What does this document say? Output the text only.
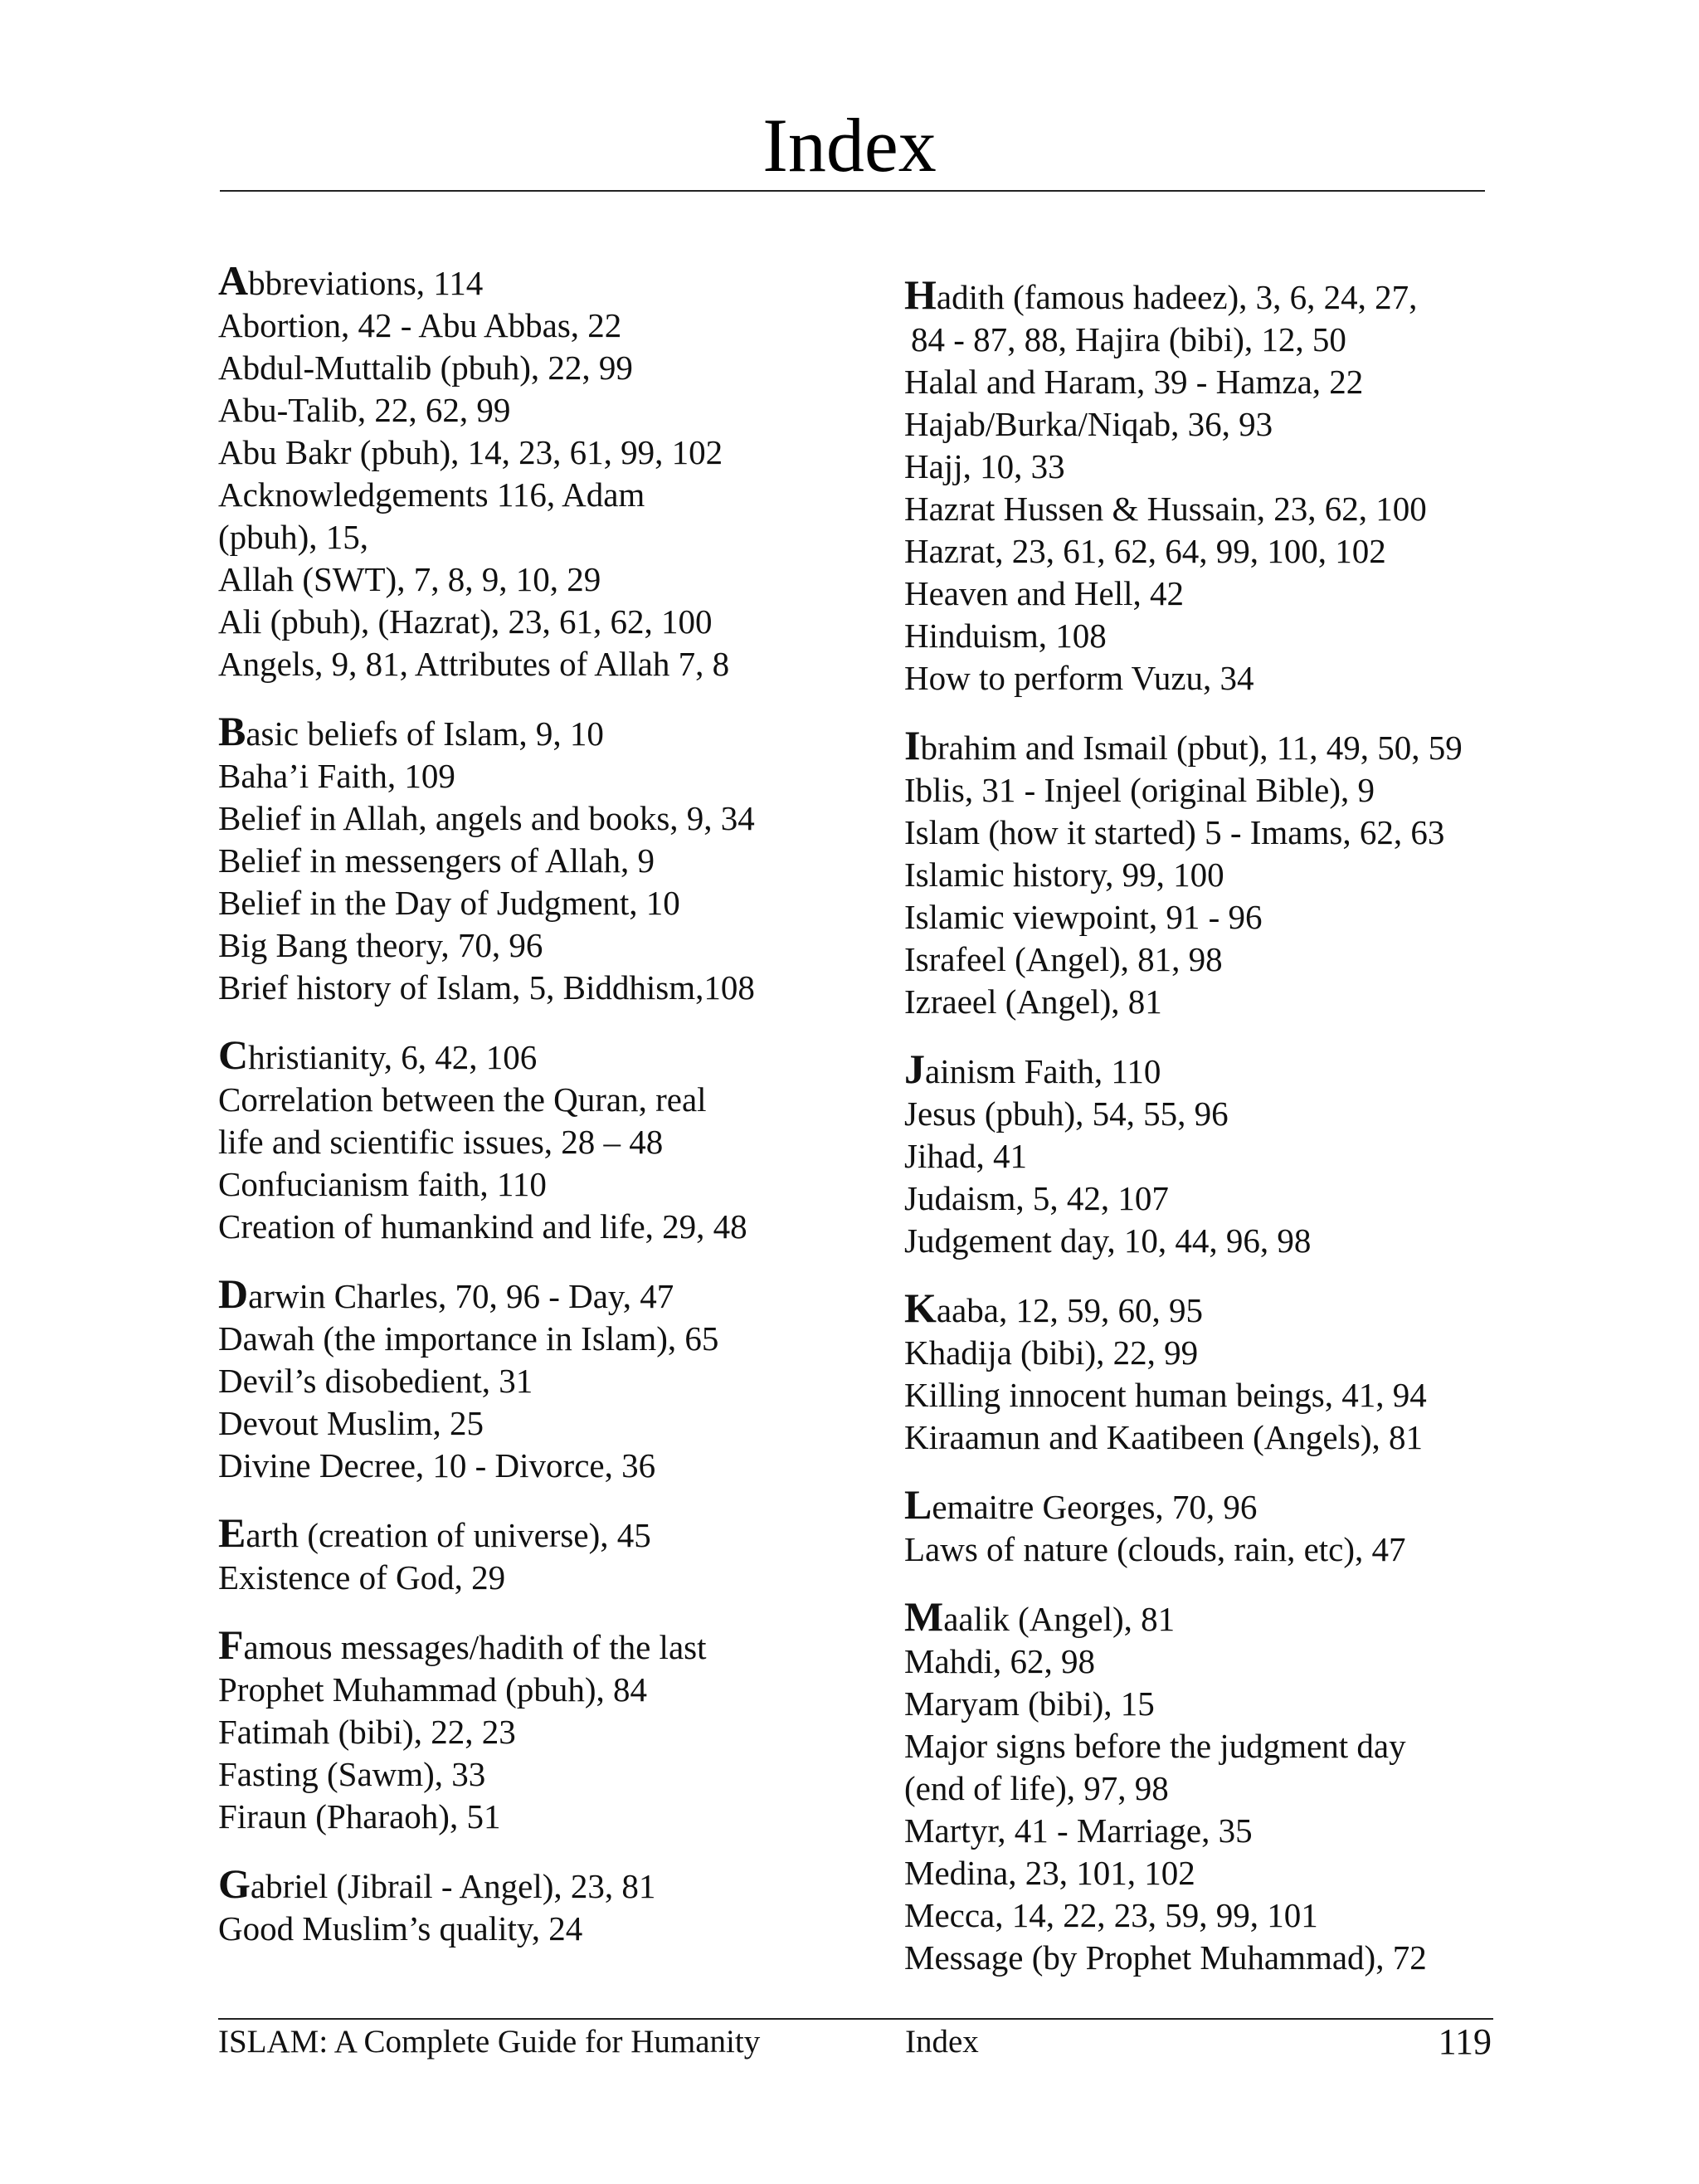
Index
Abbreviations, 114
Abortion, 42 - Abu Abbas, 22
Abdul-Muttalib (pbuh), 22, 99
Abu-Talib, 22, 62, 99
Abu Bakr (pbuh), 14, 23, 61, 99, 102
Acknowledgements 116, Adam
(pbuh), 15,
Allah (SWT), 7, 8, 9, 10, 29
Ali (pbuh), (Hazrat), 23, 61, 62, 100
Angels, 9, 81, Attributes of Allah 7, 8
Basic beliefs of Islam, 9, 10
Baha’i Faith, 109
Belief in Allah, angels and books, 9, 34
Belief in messengers of Allah, 9
Belief in the Day of Judgment, 10
Big Bang theory, 70, 96
Brief history of Islam, 5, Biddhism,108
Christianity, 6, 42, 106
Correlation between the Quran, real
life and scientific issues, 28 – 48
Confucianism faith, 110
Creation of humankind and life, 29, 48
Darwin Charles, 70, 96 - Day, 47
Dawah (the importance in Islam), 65
Devil’s disobedient, 31
Devout Muslim, 25
Divine Decree, 10 - Divorce, 36
Earth (creation of universe), 45
Existence of God, 29
Famous messages/hadith of the last
Prophet Muhammad (pbuh), 84
Fatimah (bibi), 22, 23
Fasting (Sawm), 33
Firaun (Pharaoh), 51
Gabriel (Jibrail - Angel), 23, 81
Good Muslim’s quality, 24
Hadith (famous hadeez), 3, 6, 24, 27,
84 - 87, 88, Hajira (bibi), 12, 50
Halal and Haram, 39 - Hamza, 22
Hajab/Burka/Niqab, 36, 93
Hajj, 10, 33
Hazrat Hussen & Hussain, 23, 62, 100
Hazrat, 23, 61, 62, 64, 99, 100, 102
Heaven and Hell, 42
Hinduism, 108
How to perform Vuzu, 34
Ibrahim and Ismail (pbut), 11, 49, 50, 59
Iblis, 31 - Injeel (original Bible), 9
Islam (how it started) 5 - Imams, 62, 63
Islamic history, 99, 100
Islamic viewpoint, 91 - 96
Israfeel (Angel), 81, 98
Izraeel (Angel), 81
Jainism Faith, 110
Jesus (pbuh), 54, 55, 96
Jihad, 41
Judaism, 5, 42, 107
Judgement day, 10, 44, 96, 98
Kaaba, 12, 59, 60, 95
Khadija (bibi), 22, 99
Killing innocent human beings, 41, 94
Kiraamun and Kaatibeen (Angels), 81
Lemaitre Georges, 70, 96
Laws of nature (clouds, rain, etc), 47
Maalik (Angel), 81
Mahdi, 62, 98
Maryam (bibi), 15
Major signs before the judgment day
(end of life), 97, 98
Martyr, 41 - Marriage, 35
Medina, 23, 101, 102
Mecca, 14, 22, 23, 59, 99, 101
Message (by Prophet Muhammad), 72
ISLAM: A Complete Guide for Humanity	Index	119
